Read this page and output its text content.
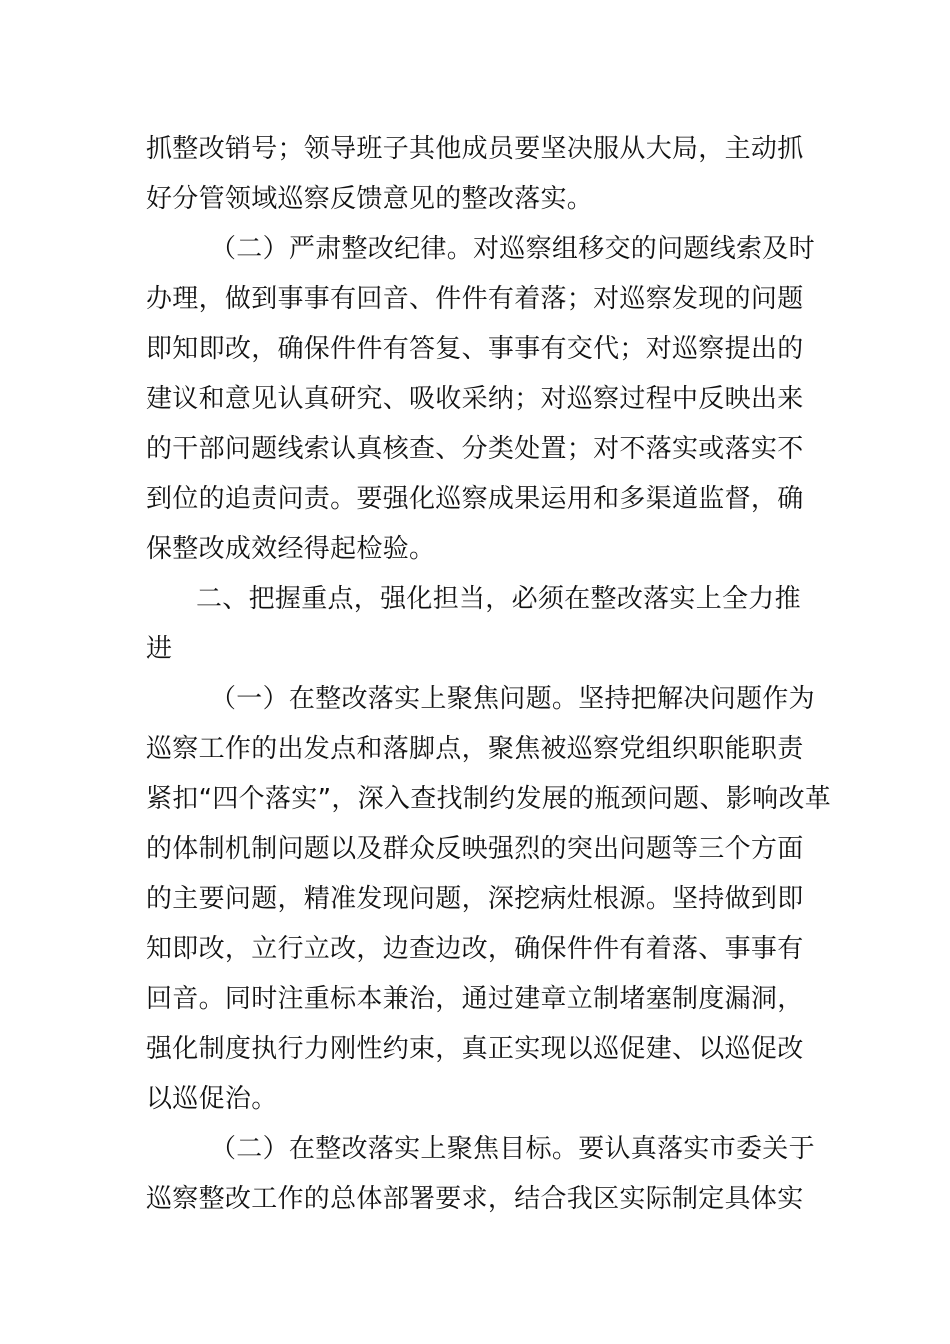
抓整改销号；领导班子其他成员要坚决服从大局，主动抓

好分管领域巡察反馈意见的整改落实。

（二）严肃整改纪律。对巡察组移交的问题线索及时

办理，做到事事有回音、件件有着落；对巡察发现的问题

即知即改，确保件件有答复、事事有交代；对巡察提出的

建议和意见认真研究、吸收采纳；对巡察过程中反映出来

的干部问题线索认真核查、分类处置；对不落实或落实不

到位的追责问责。要强化巡察成果运用和多渠道监督，确

保整改成效经得起检验。

二、把握重点，强化担当，必须在整改落实上全力推

进

（一）在整改落实上聚焦问题。坚持把解决问题作为

巡察工作的出发点和落脚点，聚焦被巡察党组织职能职责

紧扣“四个落实”，深入查找制约发展的瓶颈问题、影响改革

的体制机制问题以及群众反映强烈的突出问题等三个方面

的主要问题，精准发现问题，深挖病灶根源。坚持做到即

知即改，立行立改，边查边改，确保件件有着落、事事有

回音。同时注重标本兼治，通过建章立制堵塞制度漏洞，

强化制度执行力刚性约束，真正实现以巡促建、以巡促改

以巡促治。

（二）在整改落实上聚焦目标。要认真落实市委关于

巡察整改工作的总体部署要求，结合我区实际制定具体实
